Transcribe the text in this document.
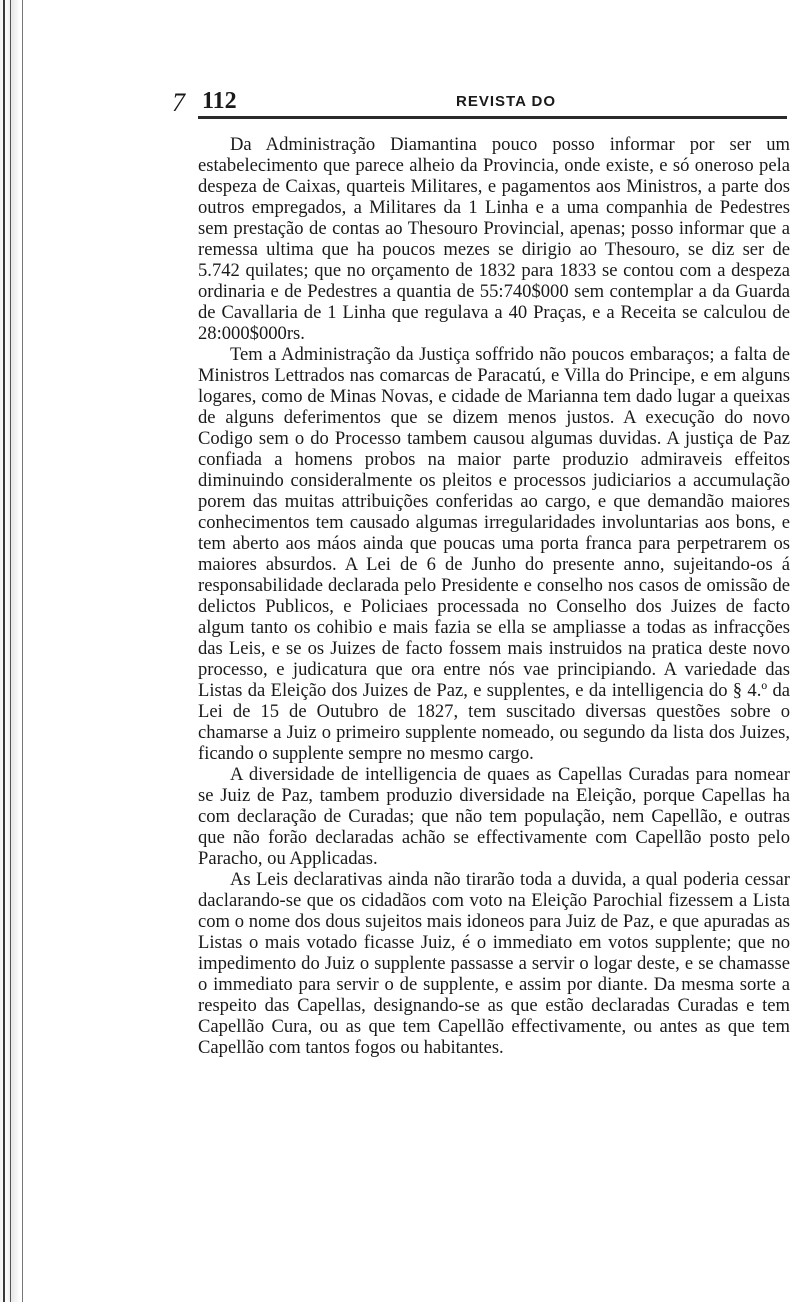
7 112	REVISTA DO

Da Administração Diamantina pouco posso informar por ser um estabelecimento que parece alheio da Provincia, onde existe, e só oneroso pela despeza de Caixas, quarteis Militares, e pagamentos aos Ministros, a parte dos outros empregados, a Militares da 1 Linha e a uma companhia de Pedestres sem prestação de contas ao Thesouro Provincial, apenas; posso informar que a remessa ultima que ha poucos mezes se dirigio ao Thesouro, se diz ser de 5.742 quilates; que no orçamento de 1832 para 1833 se contou com a despeza ordinaria e de Pedestres a quantia de 55:740$000 sem contemplar a da Guarda de Cavallaria de 1 Linha que regulava a 40 Praças, e a Receita se calculou de 28:000$000rs.

Tem a Administração da Justiça soffrido não poucos embaraços; a falta de Ministros Lettrados nas comarcas de Paracatú, e Villa do Principe, e em alguns logares, como de Minas Novas, e cidade de Marianna tem dado lugar a queixas de alguns deferimentos que se dizem menos justos. A execução do novo Codigo sem o do Processo tambem causou algumas duvidas. A justiça de Paz confiada a homens probos na maior parte produzio admiraveis effeitos diminuindo consideralmente os pleitos e processos judiciarios a accumulação porem das muitas attribuições conferidas ao cargo, e que demandão maiores conhecimentos tem causado algumas irregularidades involuntarias aos bons, e tem aberto aos máos ainda que poucas uma porta franca para perpetrarem os maiores absurdos. A Lei de 6 de Junho do presente anno, sujeitando-os á responsabilidade declarada pelo Presidente e conselho nos casos de omissão de delictos Publicos, e Policiaes processada no Conselho dos Juizes de facto algum tanto os cohibio e mais fazia se ella se ampliasse a todas as infracções das Leis, e se os Juizes de facto fossem mais instruidos na pratica deste novo processo, e judicatura que ora entre nós vae principiando. A variedade das Listas da Eleição dos Juizes de Paz, e supplentes, e da intelligencia do § 4.º da Lei de 15 de Outubro de 1827, tem suscitado diversas questões sobre o chamarse a Juiz o primeiro supplente nomeado, ou segundo da lista dos Juizes, ficando o supplente sempre no mesmo cargo.

A diversidade de intelligencia de quaes as Capellas Curadas para nomear se Juiz de Paz, tambem produzio diversidade na Eleição, porque Capellas ha com declaração de Curadas; que não tem população, nem Capellão, e outras que não forão declaradas achão se effectivamente com Capellão posto pelo Paracho, ou Applicadas.

As Leis declarativas ainda não tirarão toda a duvida, a qual poderia cessar daclarando-se que os cidadãos com voto na Eleição Parochial fizessem a Lista com o nome dos dous sujeitos mais idoneos para Juiz de Paz, e que apuradas as Listas o mais votado ficasse Juiz, é o immediato em votos supplente; que no impedimento do Juiz o supplente passasse a servir o logar deste, e se chamasse o immediato para servir o de supplente, e assim por diante. Da mesma sorte a respeito das Capellas, designando-se as que estão declaradas Curadas e tem Capellão Cura, ou as que tem Capellão effectivamente, ou antes as que tem Capellão com tantos fogos ou habitantes.
